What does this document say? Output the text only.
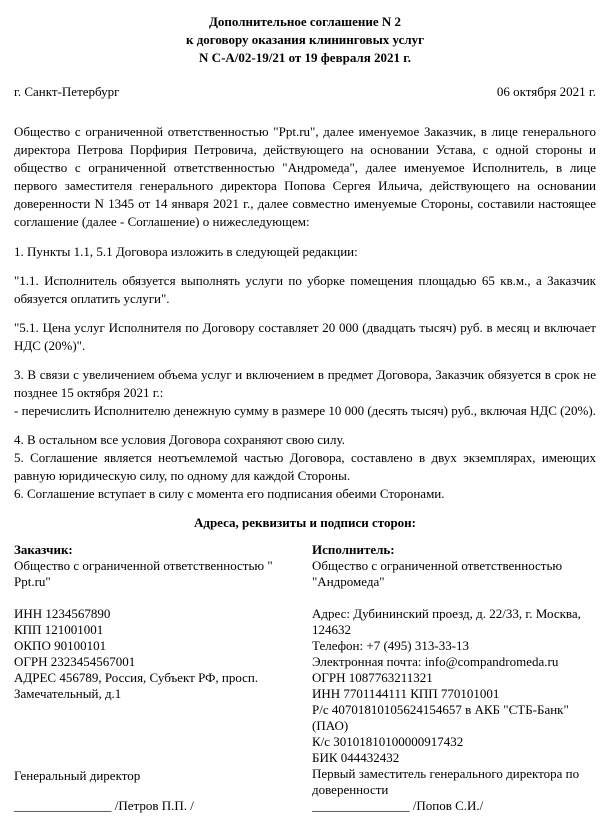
Дополнительное соглашение N 2
к договору оказания клининговых услуг
N С-А/02-19/21 от 19 февраля 2021 г.
г. Санкт-Петербург	06 октября 2021 г.

Общество с ограниченной ответственностью "Ppt.ru", далее именуемое Заказчик, в лице генерального директора Петрова Порфирия Петровича, действующего на основании Устава, с одной стороны и общество с ограниченной ответственностью "Андромеда", далее именуемое Исполнитель, в лице первого заместителя генерального директора Попова Сергея Ильича, действующего на основании доверенности N 1345 от 14 января 2021 г., далее совместно именуемые Стороны, составили настоящее соглашение (далее - Соглашение) о нижеследующем:

1. Пункты 1.1, 5.1 Договора изложить в следующей редакции:

"1.1. Исполнитель обязуется выполнять услуги по уборке помещения площадью 65 кв.м., а Заказчик обязуется оплатить услуги".

"5.1. Цена услуг Исполнителя по Договору составляет 20 000 (двадцать тысяч) руб. в месяц и включает НДС (20%)".

3. В связи с увеличением объема услуг и включением в предмет Договора, Заказчик обязуется в срок не позднее 15 октября 2021 г.:
- перечислить Исполнителю денежную сумму в размере 10 000 (десять тысяч) руб., включая НДС (20%).
4. В остальном все условия Договора сохраняют свою силу.
5. Соглашение является неотъемлемой частью Договора, составлено в двух экземплярах, имеющих равную юридическую силу, по одному для каждой Стороны.
6. Соглашение вступает в силу с момента его подписания обеими Сторонами.
Адреса, реквизиты и подписи сторон:
Заказчик:
Общество с ограниченной ответственностью "
Ppt.ru"
ИНН 1234567890
КПП 121001001
ОКПО 90100101
ОГРН 2323454567001
АДРЕС 456789, Россия, Субъект РФ, просп. Замечательный, д.1
Генеральный директор
_______________ /Петров П.П. /
Исполнитель:
Общество с ограниченной ответственностью
"Андромеда"
Адрес: Дубининский проезд, д. 22/33, г. Москва, 124632
Телефон: +7 (495) 313-33-13
Электронная почта: info@compandromeda.ru
ОГРН 1087763211321
ИНН 7701144111 КПП 770101001
Р/с 40701810105624154657 в АКБ "СТБ-Банк" (ПАО)
К/с 30101810100000917432
БИК 044432432
Первый заместитель генерального директора по доверенности
_______________ /Попов С.И./
